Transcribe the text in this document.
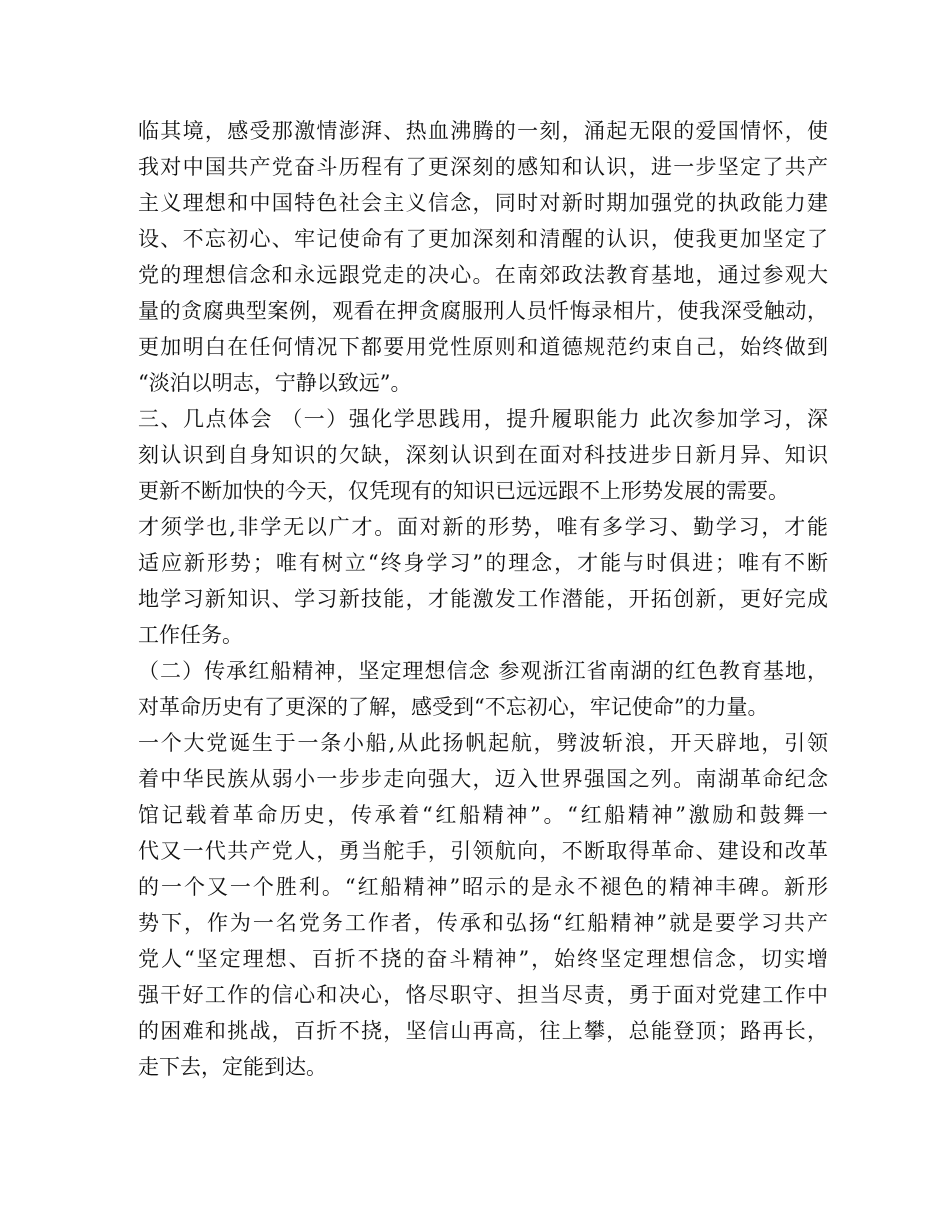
临其境，感受那激情澎湃、热血沸腾的一刻，涌起无限的爱国情怀，使
我对中国共产党奋斗历程有了更深刻的感知和认识，进一步坚定了共产
主义理想和中国特色社会主义信念，同时对新时期加强党的执政能力建
设、不忘初心、牢记使命有了更加深刻和清醒的认识，使我更加坚定了
党的理想信念和永远跟党走的决心。在南郊政法教育基地，通过参观大
量的贪腐典型案例，观看在押贪腐服刑人员忏悔录相片，使我深受触动，
更加明白在任何情况下都要用党性原则和道德规范约束自己，始终做到
“淡泊以明志，宁静以致远”。
三、几点体会 （一）强化学思践用，提升履职能力 此次参加学习，深
刻认识到自身知识的欠缺，深刻认识到在面对科技进步日新月异、知识
更新不断加快的今天，仅凭现有的知识已远远跟不上形势发展的需要。
才须学也,非学无以广才。面对新的形势，唯有多学习、勤学习，才能
适应新形势；唯有树立“终身学习”的理念，才能与时俱进；唯有不断
地学习新知识、学习新技能，才能激发工作潜能，开拓创新，更好完成
工作任务。
（二）传承红船精神，坚定理想信念 参观浙江省南湖的红色教育基地，
对革命历史有了更深的了解，感受到“不忘初心，牢记使命”的力量。
一个大党诞生于一条小船,从此扬帆起航，劈波斩浪，开天辟地，引领
着中华民族从弱小一步步走向强大，迈入世界强国之列。南湖革命纪念
馆记载着革命历史，传承着“红船精神”。“红船精神”激励和鼓舞一
代又一代共产党人，勇当舵手，引领航向，不断取得革命、建设和改革
的一个又一个胜利。“红船精神”昭示的是永不褪色的精神丰碑。新形
势下，作为一名党务工作者，传承和弘扬“红船精神”就是要学习共产
党人“坚定理想、百折不挠的奋斗精神”，始终坚定理想信念，切实增
强干好工作的信心和决心，恪尽职守、担当尽责，勇于面对党建工作中
的困难和挑战，百折不挠，坚信山再高，往上攀，总能登顶；路再长，
走下去，定能到达。
